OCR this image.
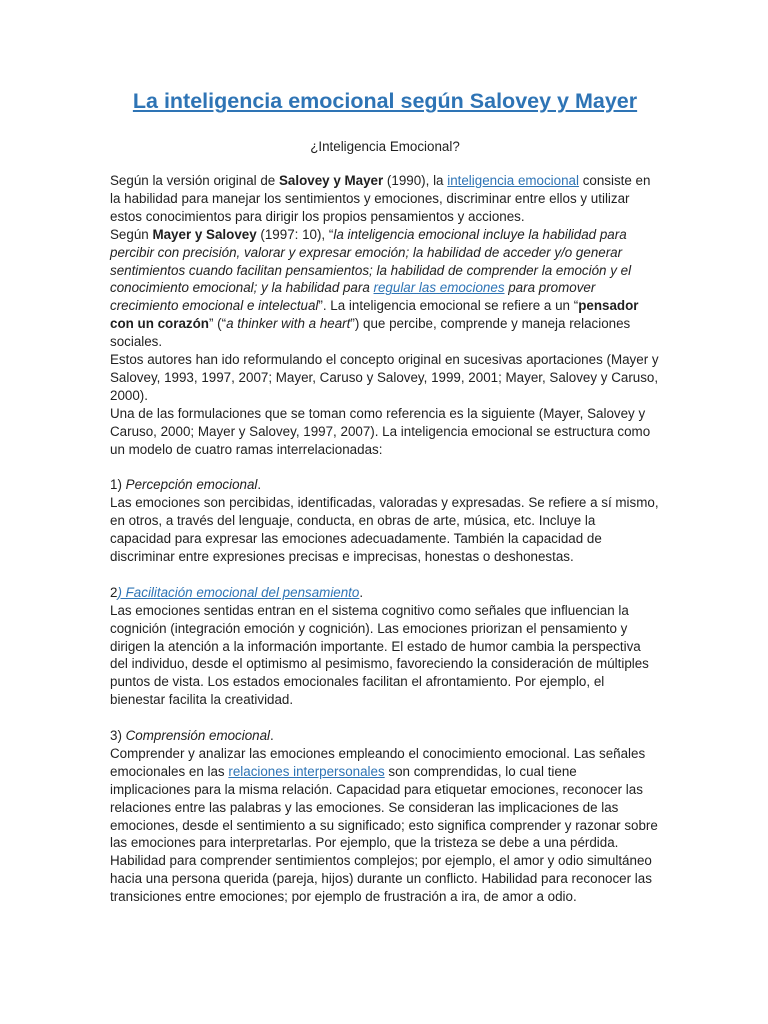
La inteligencia emocional según Salovey y Mayer
¿Inteligencia Emocional?

Según la versión original de Salovey y Mayer (1990), la inteligencia emocional consiste en la habilidad para manejar los sentimientos y emociones, discriminar entre ellos y utilizar estos conocimientos para dirigir los propios pensamientos y acciones.

Según Mayer y Salovey (1997: 10), “la inteligencia emocional incluye la habilidad para percibir con precisión, valorar y expresar emoción; la habilidad de acceder y/o generar sentimientos cuando facilitan pensamientos; la habilidad de comprender la emoción y el conocimiento emocional; y la habilidad para regular las emociones para promover crecimiento emocional e intelectual”. La inteligencia emocional se refiere a un “pensador con un corazón” (“a thinker with a heart”) que percibe, comprende y maneja relaciones sociales.

Estos autores han ido reformulando el concepto original en sucesivas aportaciones (Mayer y Salovey, 1993, 1997, 2007; Mayer, Caruso y Salovey, 1999, 2001; Mayer, Salovey y Caruso, 2000).

Una de las formulaciones que se toman como referencia es la siguiente (Mayer, Salovey y Caruso, 2000; Mayer y Salovey, 1997, 2007). La inteligencia emocional se estructura como un modelo de cuatro ramas interrelacionadas:

1) Percepción emocional.

Las emociones son percibidas, identificadas, valoradas y expresadas. Se refiere a sí mismo, en otros, a través del lenguaje, conducta, en obras de arte, música, etc. Incluye la capacidad para expresar las emociones adecuadamente. También la capacidad de discriminar entre expresiones precisas e imprecisas, honestas o deshonestas.

2) Facilitación emocional del pensamiento.

Las emociones sentidas entran en el sistema cognitivo como señales que influencian la cognición (integración emoción y cognición). Las emociones priorizan el pensamiento y dirigen la atención a la información importante. El estado de humor cambia la perspectiva del individuo, desde el optimismo al pesimismo, favoreciendo la consideración de múltiples puntos de vista. Los estados emocionales facilitan el afrontamiento. Por ejemplo, el bienestar facilita la creatividad.

3) Comprensión emocional.

Comprender y analizar las emociones empleando el conocimiento emocional. Las señales emocionales en las relaciones interpersonales son comprendidas, lo cual tiene implicaciones para la misma relación. Capacidad para etiquetar emociones, reconocer las relaciones entre las palabras y las emociones. Se consideran las implicaciones de las emociones, desde el sentimiento a su significado; esto significa comprender y razonar sobre las emociones para interpretarlas. Por ejemplo, que la tristeza se debe a una pérdida. Habilidad para comprender sentimientos complejos; por ejemplo, el amor y odio simultáneo hacia una persona querida (pareja, hijos) durante un conflicto. Habilidad para reconocer las transiciones entre emociones; por ejemplo de frustración a ira, de amor a odio.
